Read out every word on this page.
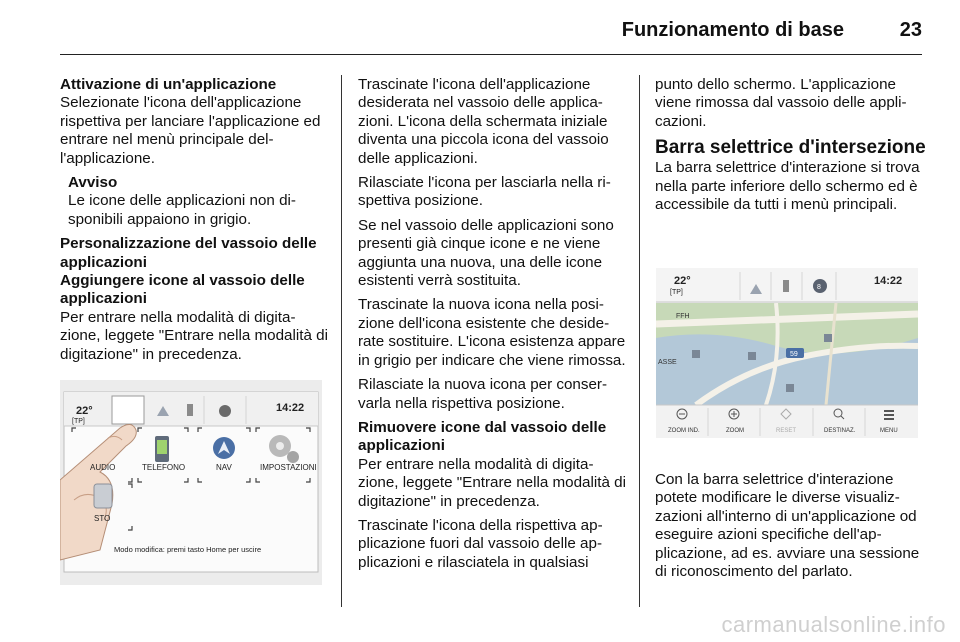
Funzionamento di base	23
Attivazione di un'applicazione

Selezionate l'icona dell'applicazione rispettiva per lanciare l'applicazione ed entrare nel menù principale dell'applicazione.

Avviso
Le icone delle applicazioni non disponibili appaiono in grigio.
Personalizzazione del vassoio delle applicazioni
Aggiungere icone al vassoio delle applicazioni

Per entrare nella modalità di digitazione, leggete "Entrare nella modalità di digitazione" in precedenza.

22°
[TP]
14:22
AUDIO	TELEFONO	NAV	IMPOSTAZIONI
STO
Modo modifica: premi tasto Home per uscire

Trascinate l'icona dell'applicazione desiderata nel vassoio delle applicazioni. L'icona della schermata iniziale diventa una piccola icona del vassoio delle applicazioni.

Rilasciate l'icona per lasciarla nella rispettiva posizione.

Se nel vassoio delle applicazioni sono presenti già cinque icone e ne viene aggiunta una nuova, una delle icone esistenti verrà sostituita.

Trascinate la nuova icona nella posizione dell'icona esistente che desiderate sostituire. L'icona esistenza appare in grigio per indicare che viene rimossa.

Rilasciate la nuova icona per conservarla nella rispettiva posizione.

Rimuovere icone dal vassoio delle applicazioni

Per entrare nella modalità di digitazione, leggete "Entrare nella modalità di digitazione" in precedenza.

Trascinate l'icona della rispettiva applicazione fuori dal vassoio delle applicazioni e rilasciatela in qualsiasi

punto dello schermo. L'applicazione viene rimossa dal vassoio delle applicazioni.

Barra selettrice d'intersezione

La barra selettrice d'interazione si trova nella parte inferiore dello schermo ed è accessibile da tutti i menù principali.

8
22°
[TP]
14:22
59
FFH
ASSE
ZOOM IND.	ZOOM	RESET	DESTINAZ.	MENU

Con la barra selettrice d'interazione potete modificare le diverse visualizzazioni all'interno di un'applicazione od eseguire azioni specifiche dell'applicazione, ad es. avviare una sessione di riconoscimento del parlato.

carmanualsonline.info
